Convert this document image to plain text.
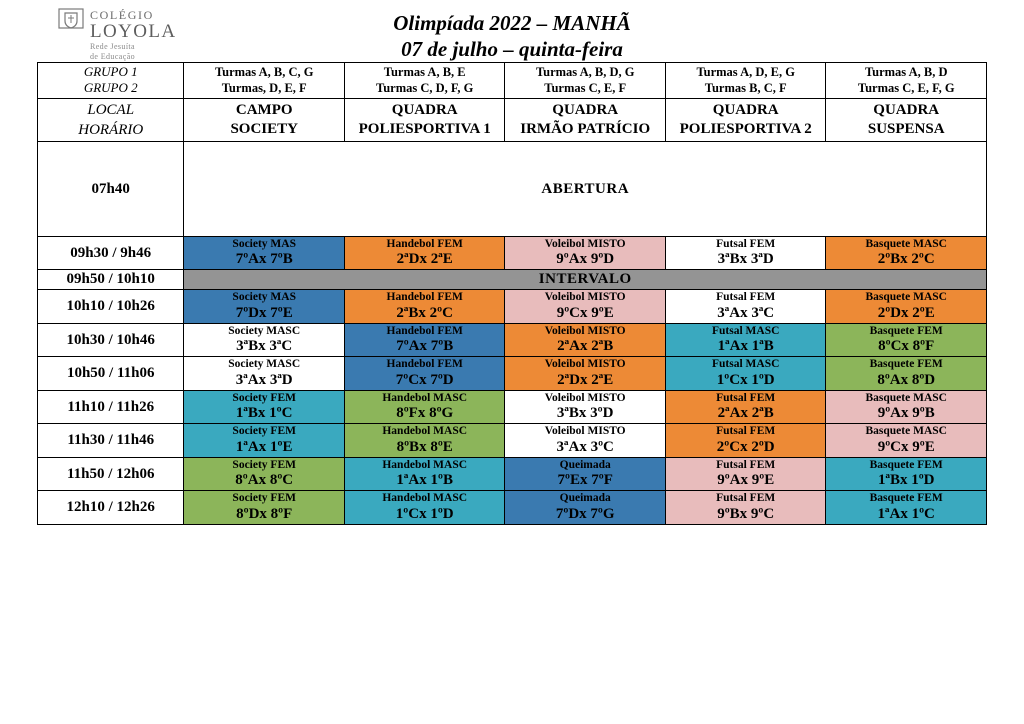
COLÉGIO
LOYOLA
Rede Jesuíta
de Educação
Olimpíada 2022 – MANHÃ
07 de julho – quinta-feira
GRUPO 1
GRUPO 2

Turmas A, B, C, G
Turmas, D, E, F

Turmas A, B, E
Turmas C, D, F, G

Turmas A, B, D, G
Turmas C, E, F

Turmas A, D, E, G
Turmas B, C, F

Turmas A, B, D
Turmas C, E, F, G

LOCAL
HORÁRIO

CAMPO
SOCIETY

QUADRA
POLIESPORTIVA 1

QUADRA
IRMÃO PATRÍCIO

QUADRA
POLIESPORTIVA 2

QUADRA
SUSPENSA

07h40	ABERTURA				
09h30 / 9h46	
Society MAS
7ºAx 7ºB

Handebol FEM
2ªDx 2ªE

Voleibol MISTO
9ºAx 9ºD

Futsal FEM
3ªBx 3ªD

Basquete MASC
2ºBx 2ºC

09h50 / 10h10	INTERVALO				
10h10 / 10h26	
Society MAS
7ºDx 7ºE

Handebol FEM
2ªBx 2ºC

Voleibol MISTO
9ºCx 9ºE

Futsal FEM
3ªAx 3ªC

Basquete MASC
2ºDx 2ºE

10h30 / 10h46	
Society MASC
3ªBx 3ªC

Handebol FEM
7ºAx 7ºB

Voleibol MISTO
2ªAx 2ªB

Futsal MASC
1ªAx 1ªB

Basquete FEM
8ºCx 8ºF

10h50 / 11h06	
Society MASC
3ªAx 3ªD

Handebol FEM
7ºCx 7ºD

Voleibol MISTO
2ªDx 2ªE

Futsal MASC
1ºCx 1ºD

Basquete FEM
8ºAx 8ºD

11h10 / 11h26	
Society FEM
1ªBx 1ºC

Handebol MASC
8ºFx 8ºG

Voleibol MISTO
3ªBx 3ºD

Futsal FEM
2ªAx 2ªB

Basquete MASC
9ºAx 9ºB

11h30 / 11h46	
Society FEM
1ªAx 1ºE

Handebol MASC
8ºBx 8ºE

Voleibol MISTO
3ªAx 3ºC

Futsal FEM
2ºCx 2ºD

Basquete MASC
9ºCx 9ºE

11h50 / 12h06	
Society FEM
8ºAx 8ºC

Handebol MASC
1ªAx 1ºB

Queimada
7ºEx 7ºF

Futsal FEM
9ºAx 9ºE

Basquete FEM
1ªBx 1ºD

12h10 / 12h26	
Society FEM
8ºDx 8ºF

Handebol MASC
1ºCx 1ºD

Queimada
7ºDx 7ºG

Futsal FEM
9ºBx 9ºC

Basquete FEM
1ªAx 1ºC
